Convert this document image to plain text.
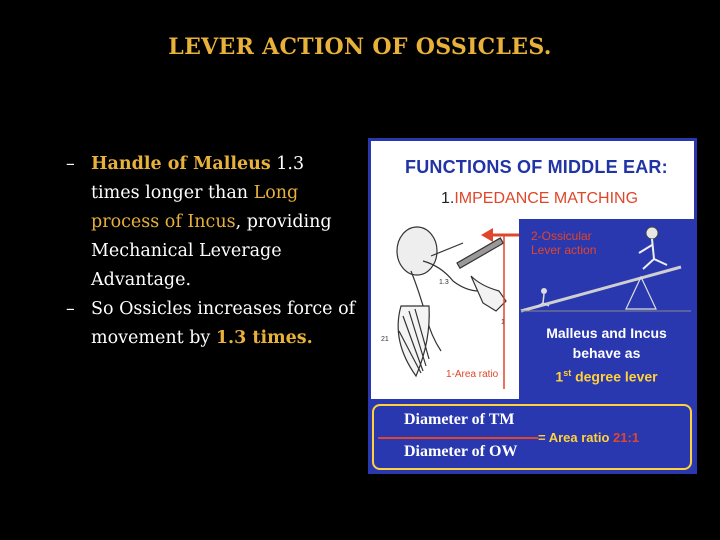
LEVER ACTION OF OSSICLES.
– Handle of Malleus 1.3 times longer than Long process of Incus, providing Mechanical Leverage Advantage.
– So Ossicles increases force of movement by 1.3 times.	21
1.3
1
FUNCTIONS OF MIDDLE EAR:
1.IMPEDANCE MATCHING
2-Ossicular
Lever action
Malleus and Incus
behave as
1st degree lever
1-Area ratio
Diameter of TM
Diameter of OW
= Area ratio 21:1
